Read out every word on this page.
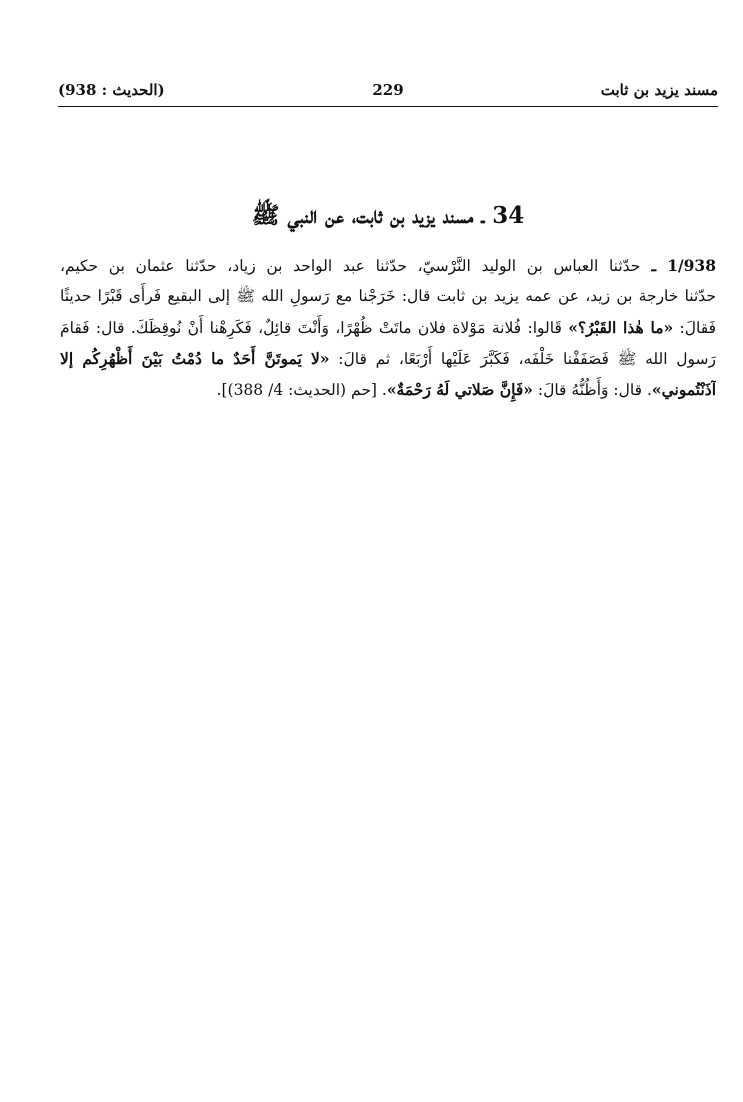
مسند يزيد بن ثابت
229
(الحديث : 938)
34 ـ مسند يزيد بن ثابت، عن النبي ﷺ
1/938 ـ حدّثنا العباس بن الوليد النَّرْسيّ، حدّثنا عبد الواحد بن زياد، حدّثنا عثمان بن حكيم،
حدّثنا خارجة بن زيد، عن عمه يزيد بن ثابت قال: خَرَجْنا مع رَسولِ الله ﷺ إلى البقيع فَرأَى قَبْرًا حديثًا
فَقالَ: «ما هٰذا القَبْرُ؟» قَالوا: فُلانة مَوْلاة فلان ماتَتْ ظُهْرًا، وَأَنْتَ قائِلٌ، فَكَرِهْنا أَنْ نُوقِظَكَ. قال: فَقامَ
رَسول الله ﷺ فَصَفَفْنا خَلْفَه، فَكَبَّرَ عَلَيْها أَرْبَعًا، ثم قالَ: «لا يَموتَنَّ أَحَدٌ ما دُمْتُ بَيْنَ أَظْهُرِكُم إلا
آذَنْتُموني». قال: وَأَظُنُّهُ قالَ: «فَإِنَّ صَلاتي لَهُ رَحْمَةٌ». [حم (الحديث: 4/ 388)].
